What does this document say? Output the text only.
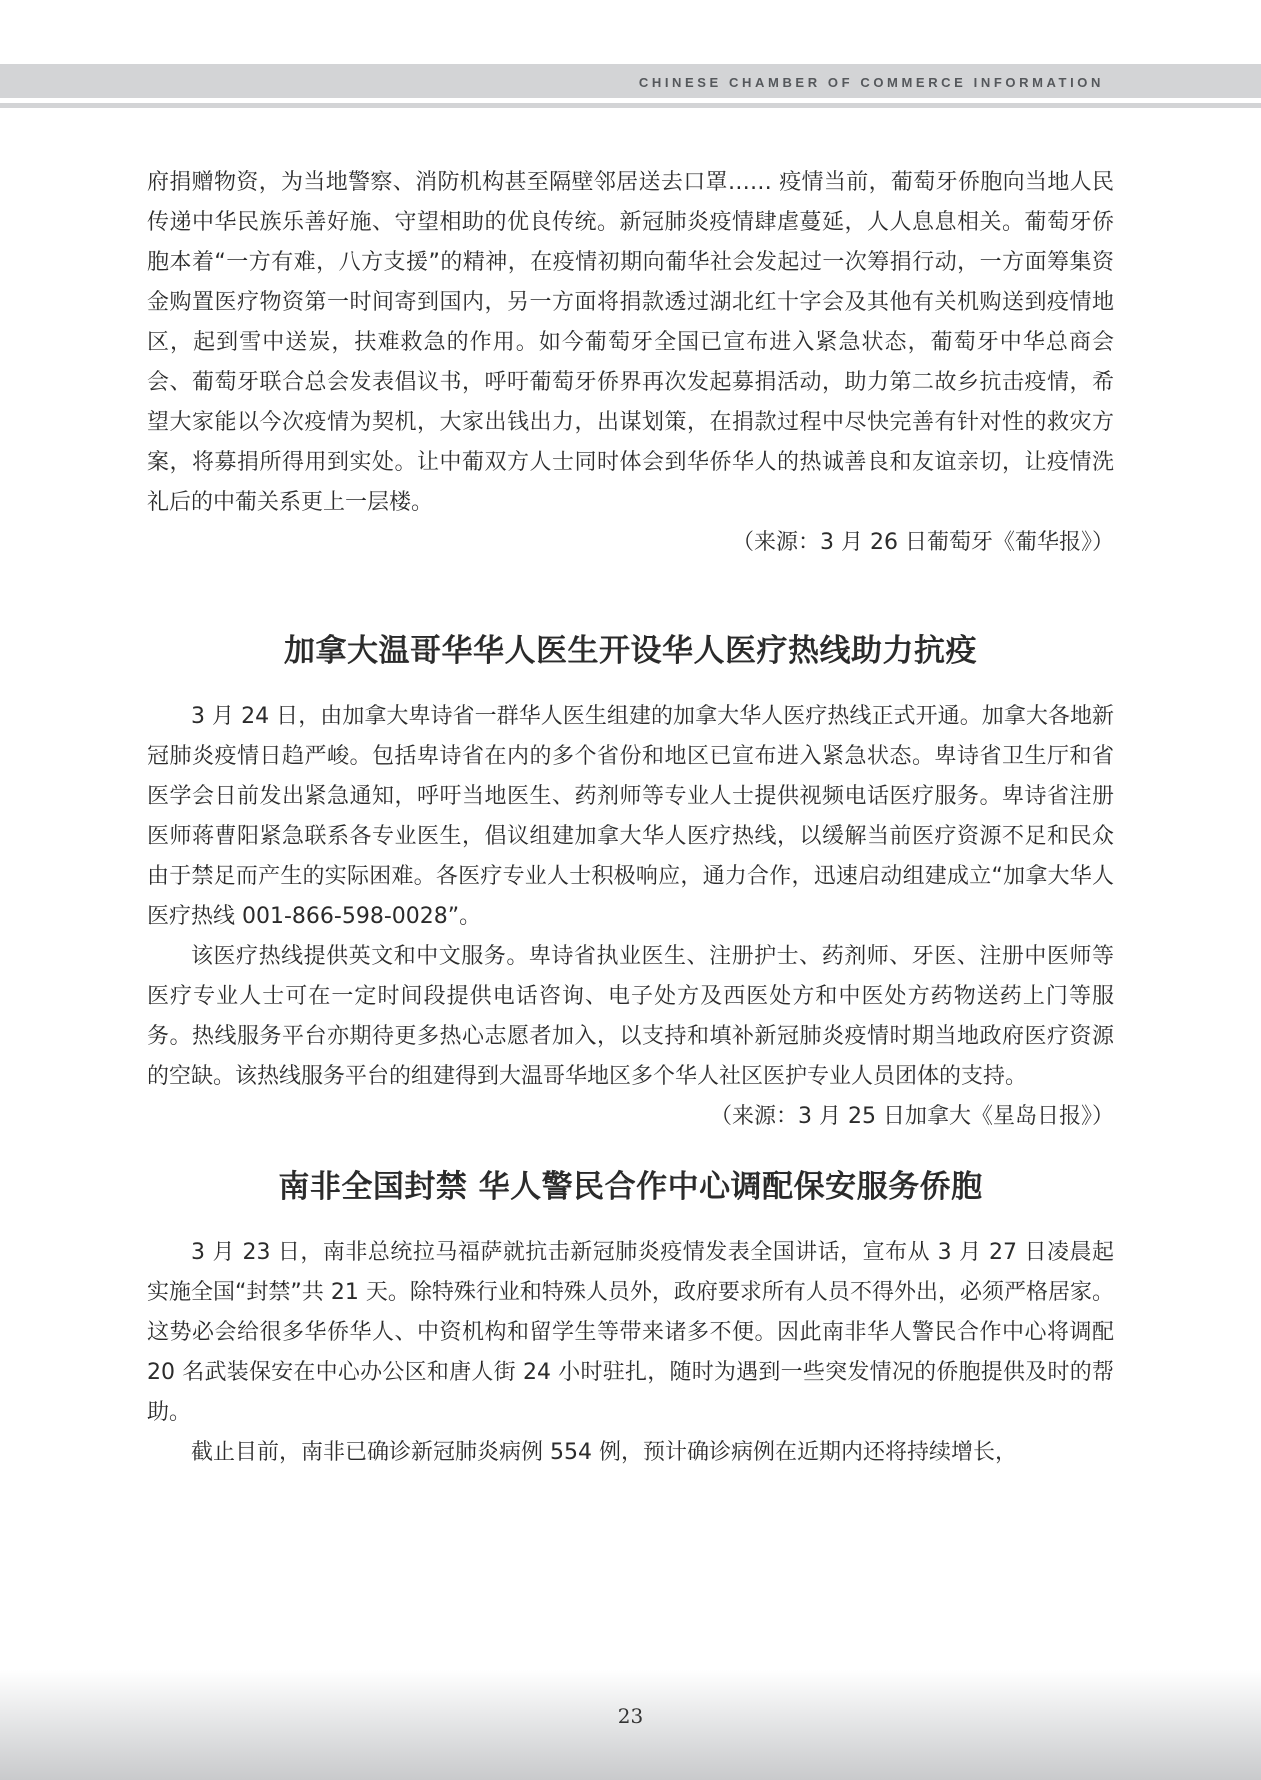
CHINESE CHAMBER OF COMMERCE INFORMATION

府捐赠物资，为当地警察、消防机构甚至隔壁邻居送去口罩…… 疫情当前，葡萄牙侨胞向当地人民传递中华民族乐善好施、守望相助的优良传统。新冠肺炎疫情肆虐蔓延，人人息息相关。葡萄牙侨胞本着“一方有难，八方支援”的精神，在疫情初期向葡华社会发起过一次筹捐行动，一方面筹集资金购置医疗物资第一时间寄到国内，另一方面将捐款透过湖北红十字会及其他有关机购送到疫情地区，起到雪中送炭，扶难救急的作用。如今葡萄牙全国已宣布进入紧急状态，葡萄牙中华总商会会、葡萄牙联合总会发表倡议书，呼吁葡萄牙侨界再次发起募捐活动，助力第二故乡抗击疫情，希望大家能以今次疫情为契机，大家出钱出力，出谋划策，在捐款过程中尽快完善有针对性的救灾方案，将募捐所得用到实处。让中葡双方人士同时体会到华侨华人的热诚善良和友谊亲切，让疫情洗礼后的中葡关系更上一层楼。

（来源：3 月 26 日葡萄牙《葡华报》）
加拿大温哥华华人医生开设华人医疗热线助力抗疫

3 月 24 日，由加拿大卑诗省一群华人医生组建的加拿大华人医疗热线正式开通。加拿大各地新冠肺炎疫情日趋严峻。包括卑诗省在内的多个省份和地区已宣布进入紧急状态。卑诗省卫生厅和省医学会日前发出紧急通知，呼吁当地医生、药剂师等专业人士提供视频电话医疗服务。卑诗省注册医师蒋曹阳紧急联系各专业医生，倡议组建加拿大华人医疗热线，以缓解当前医疗资源不足和民众由于禁足而产生的实际困难。各医疗专业人士积极响应，通力合作，迅速启动组建成立“加拿大华人医疗热线 001-866-598-0028”。

该医疗热线提供英文和中文服务。卑诗省执业医生、注册护士、药剂师、牙医、注册中医师等医疗专业人士可在一定时间段提供电话咨询、电子处方及西医处方和中医处方药物送药上门等服务。热线服务平台亦期待更多热心志愿者加入，以支持和填补新冠肺炎疫情时期当地政府医疗资源的空缺。该热线服务平台的组建得到大温哥华地区多个华人社区医护专业人员团体的支持。
（来源：3 月 25 日加拿大《星岛日报》）

南非全国封禁 华人警民合作中心调配保安服务侨胞

3 月 23 日，南非总统拉马福萨就抗击新冠肺炎疫情发表全国讲话，宣布从 3 月 27 日凌晨起实施全国“封禁”共 21 天。除特殊行业和特殊人员外，政府要求所有人员不得外出，必须严格居家。这势必会给很多华侨华人、中资机构和留学生等带来诸多不便。因此南非华人警民合作中心将调配 20 名武装保安在中心办公区和唐人街 24 小时驻扎，随时为遇到一些突发情况的侨胞提供及时的帮助。

截止目前，南非已确诊新冠肺炎病例 554 例，预计确诊病例在近期内还将持续增长，

23
